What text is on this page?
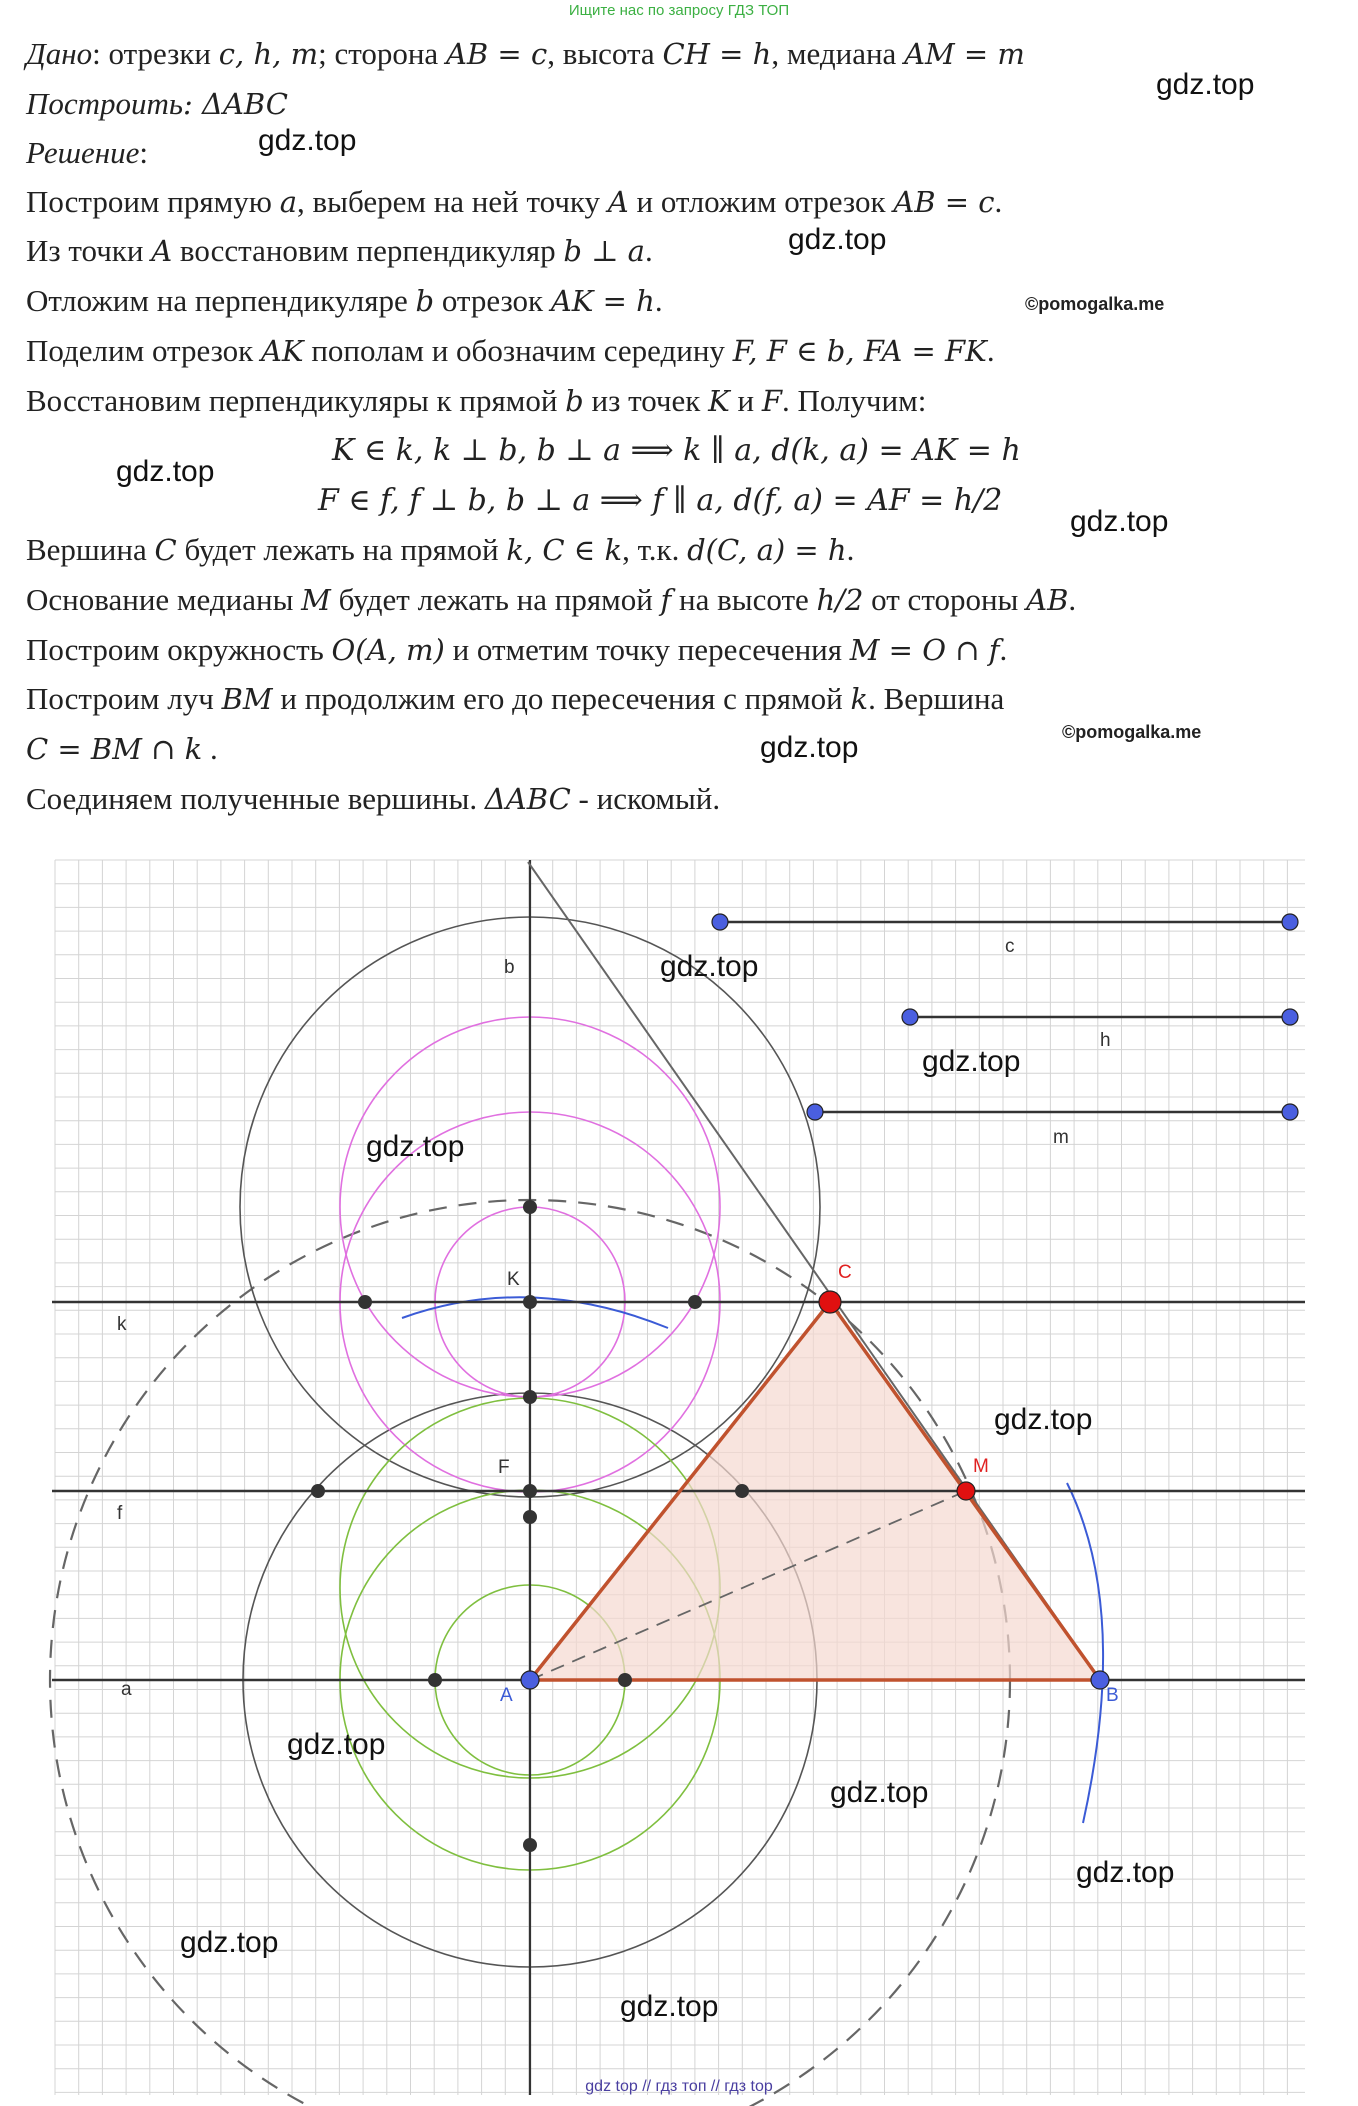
Ищите нас по запросу ГДЗ ТОП
Дано: отрезки c, h, m; сторона AB = c, высота CH = h, медиана AM = m
Построить: ΔABC
Решение:
Построим прямую a, выберем на ней точку A и отложим отрезок AB = c.
Из точки A восстановим перпендикуляр b ⊥ a.
Отложим на перпендикуляре b отрезок AK = h.
Поделим отрезок AK пополам и обозначим середину F, F ∈ b, FA = FK.
Восстановим перпендикуляры к прямой b из точек K и F. Получим:
K ∈ k, k ⊥ b, b ⊥ a ⟹ k ∥ a, d(k, a) = AK = h
F ∈ f, f ⊥ b, b ⊥ a ⟹ f ∥ a, d(f, a) = AF = h/2
Вершина C будет лежать на прямой k, C ∈ k, т.к. d(C, a) = h.
Основание медианы M будет лежать на прямой f на высоте h/2 от стороны AB.
Построим окружность O(A, m) и отметим точку пересечения M = O ∩ f.
Построим луч BM и продолжим его до пересечения с прямой k. Вершина
C = BM ∩ k .
Соединяем полученные вершины. ΔABC - искомый.
b
c
h
m
K	C
k
M
F
f
a	A	B
gdz.top
gdz.top
gdz.top
©pomogalka.me
gdz.top
gdz.top
©pomogalka.me
gdz.top
gdz.top
gdz.top
gdz.top
gdz.top
gdz.top
gdz.top
gdz.top
gdz.top
gdz.top
gdz top // гдз топ // гдз top
